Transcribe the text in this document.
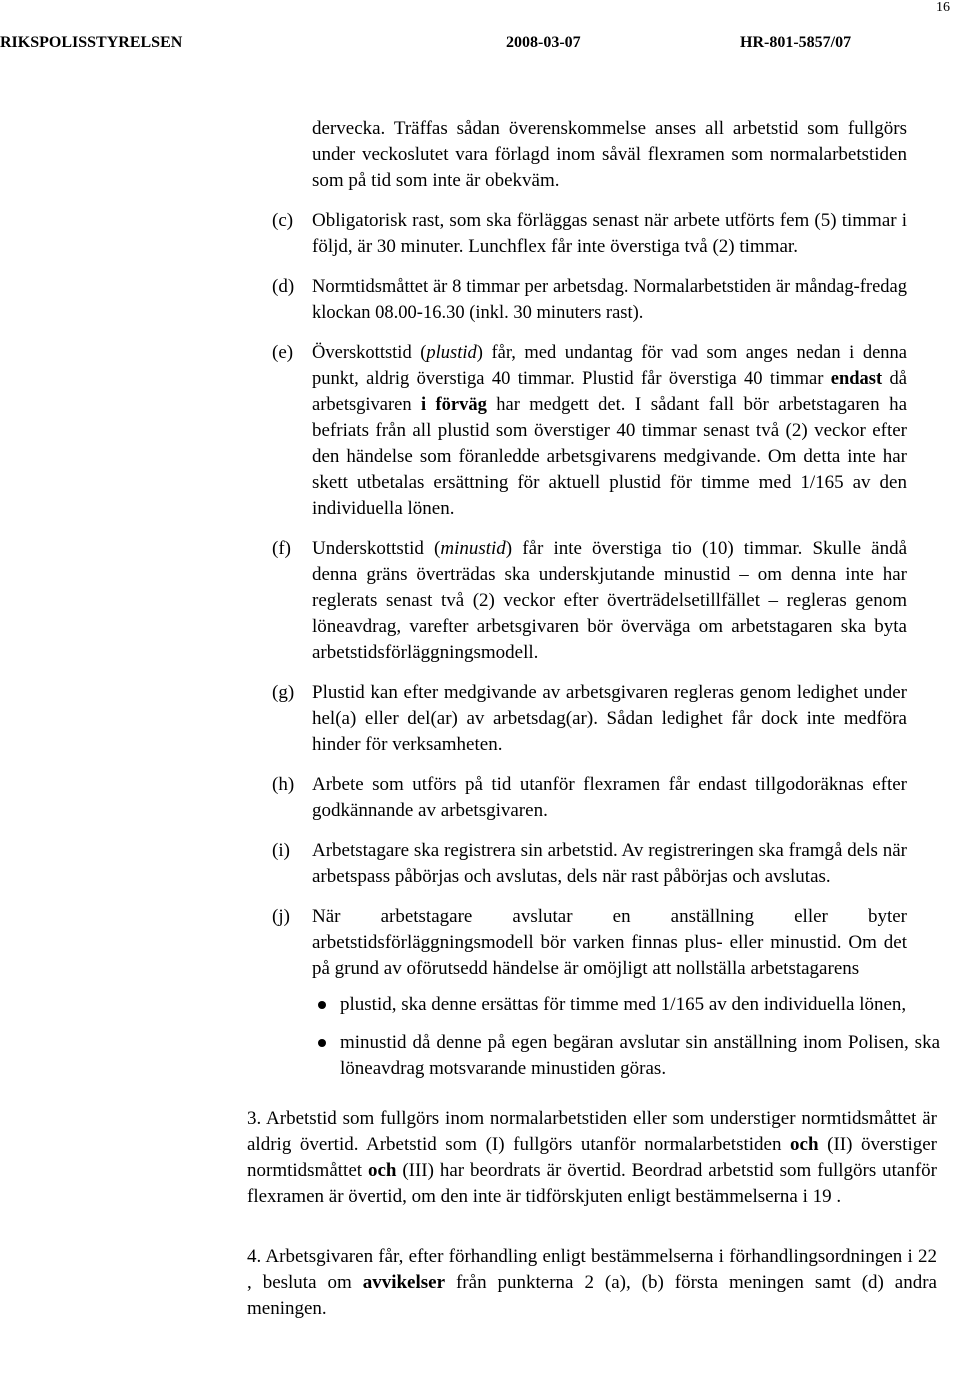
16
RIKSPOLISSTYRELSEN	2008-03-07	HR-801-5857/07
dervecka. Träffas sådan överenskommelse anses all arbetstid som fullgörs under veckoslutet vara förlagd inom såväl flexramen som normalarbetstiden som på tid som inte är obekväm.
(c) Obligatorisk rast, som ska förläggas senast när arbete utförts fem (5) timmar i följd, är 30 minuter. Lunchflex får inte överstiga två (2) timmar.
(d) Normtidsmåttet är 8 timmar per arbetsdag. Normalarbetstiden är måndag-fredag klockan 08.00-16.30 (inkl. 30 minuters rast).
(e)	Överskottstid (plustid) får, med undantag för vad som anges nedan i denna punkt, aldrig överstiga 40 timmar. Plustid får överstiga 40 timmar endast då arbetsgivaren i förväg har medgett det. I sådant fall bör arbetstagaren ha befriats från all plustid som överstiger 40 timmar senast två (2) veckor efter den händelse som föranledde arbetsgivarens medgivande. Om detta inte har skett utbetalas ersättning för aktuell plustid för timme med 1/165 av den individuella lönen.
(f)	Underskottstid (minustid) får inte överstiga tio (10) timmar. Skulle ändå denna gräns överträdas ska underskjutande minustid – om denna inte har reglerats senast två (2) veckor efter överträdelsetillfället – regleras genom löneavdrag, varefter arbetsgivaren bör överväga om arbetstagaren ska byta arbetstidsförläggningsmodell.
(g) Plustid kan efter medgivande av arbetsgivaren regleras genom ledighet under hel(a) eller del(ar) av arbetsdag(ar). Sådan ledighet får dock inte medföra hinder för verksamheten.
(h) Arbete som utförs på tid utanför flexramen får endast tillgodoräknas efter godkännande av arbetsgivaren.
(i)	Arbetstagare ska registrera sin arbetstid. Av registreringen ska framgå dels när arbetspass påbörjas och avslutas, dels när rast påbörjas och avslutas.
(j)	När arbetstagare avslutar en anställning eller byter arbetstidsförläggningsmodell bör varken finnas plus- eller minustid. Om det på grund av oförutsedd händelse är omöjligt att nollställa arbetstagarens
plustid, ska denne ersättas för timme med 1/165 av den individuella lönen,
minustid då denne på egen begäran avslutar sin anställning inom Polisen, ska löneavdrag motsvarande minustiden göras.
3. Arbetstid som fullgörs inom normalarbetstiden eller som understiger normtidsmåttet är aldrig övertid. Arbetstid som (I) fullgörs utanför normalarbetstiden och (II) överstiger normtidsmåttet och (III) har beordrats är övertid. Beordrad arbetstid som fullgörs utanför flexramen är övertid, om den inte är tidförskjuten enligt bestämmelserna i 19 .
4. Arbetsgivaren får, efter förhandling enligt bestämmelserna i förhandlingsordningen i 22 , besluta om avvikelser från punkterna 2 (a), (b) första meningen samt (d) andra meningen.
